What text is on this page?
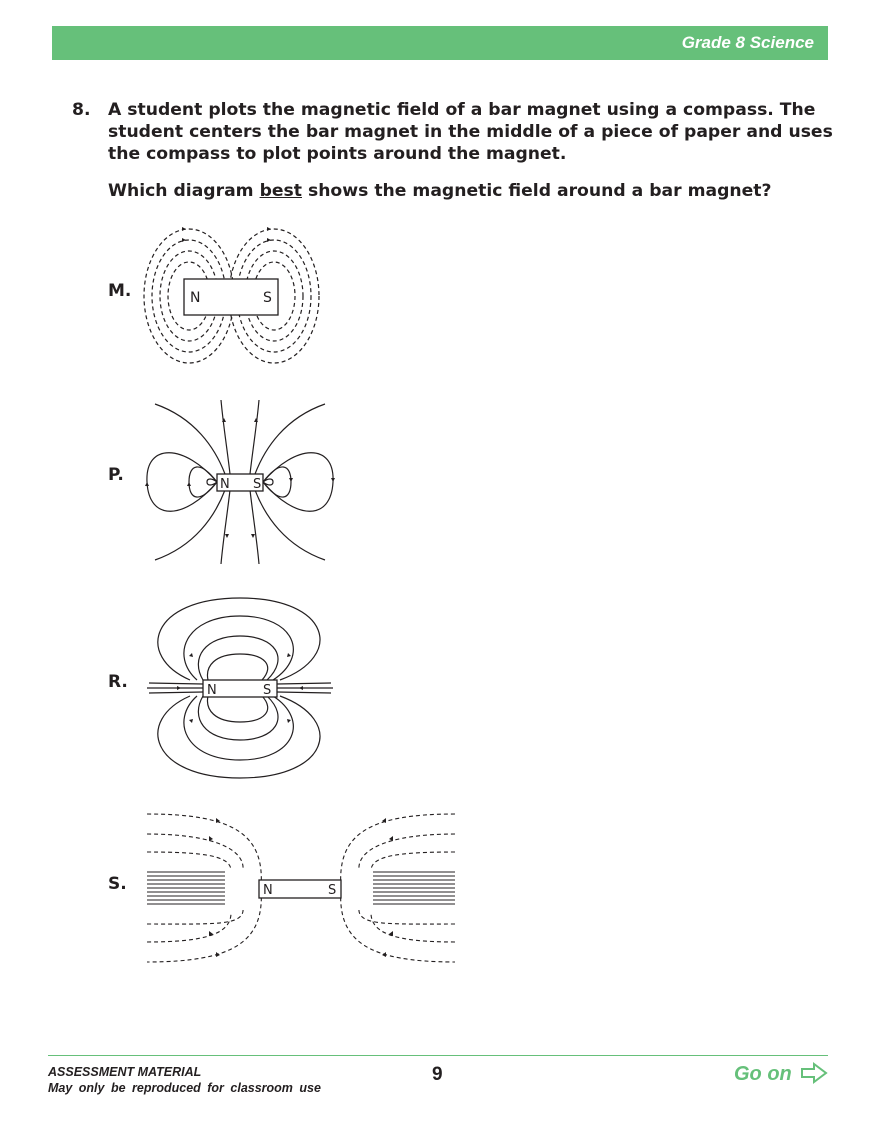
Grade 8 Science
8. A student plots the magnetic field of a bar magnet using a compass. The student centers the bar magnet in the middle of a piece of paper and uses the compass to plot points around the magnet.
Which diagram best shows the magnetic field around a bar magnet?
M.	N	S
P.	N S
R.	N	S
S.	N	S
ASSESSMENT MATERIAL
May only be reproduced for classroom use
9	Go on
